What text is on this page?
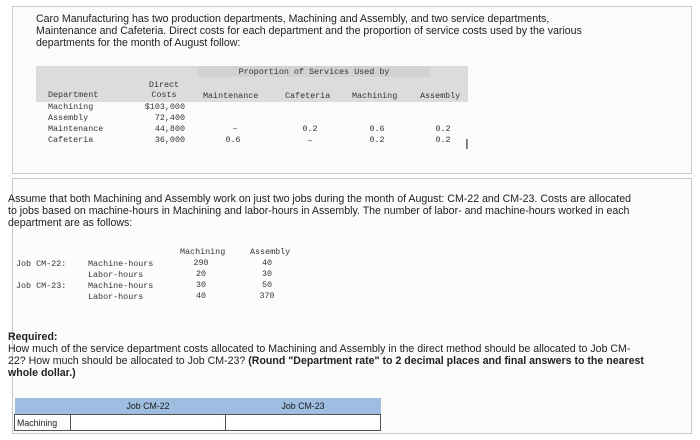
Caro Manufacturing has two production departments, Machining and Assembly, and two service departments,
Maintenance and Cafeteria. Direct costs for each department and the proportion of service costs used by the various
departments for the month of August follow:
Proportion of Services Used by
Direct
Costs
Department	Maintenance	Cafeteria	Machining	Assembly
Machining	$103,000
Assembly	72,400
Maintenance	44,800	–	0.2	0.6	0.2
Cafeteria	36,000	0.6	–	0.2	0.2	I
Assume that both Machining and Assembly work on just two jobs during the month of August: CM-22 and CM-23. Costs are allocated
to jobs based on machine-hours in Machining and labor-hours in Assembly. The number of labor- and machine-hours worked in each
department are as follows:
Machining	Assembly
Job CM-22:	Machine-hours	290	40
Labor-hours	20	30
Job CM-23:	Machine-hours	30	50
Labor-hours	40	370
Required:
How much of the service department costs allocated to Machining and Assembly in the direct method should be allocated to Job CM-
22? How much should be allocated to Job CM-23? (Round "Department rate" to 2 decimal places and final answers to the nearest
whole dollar.)
	Job CM-22	Job CM-23
Machining		
